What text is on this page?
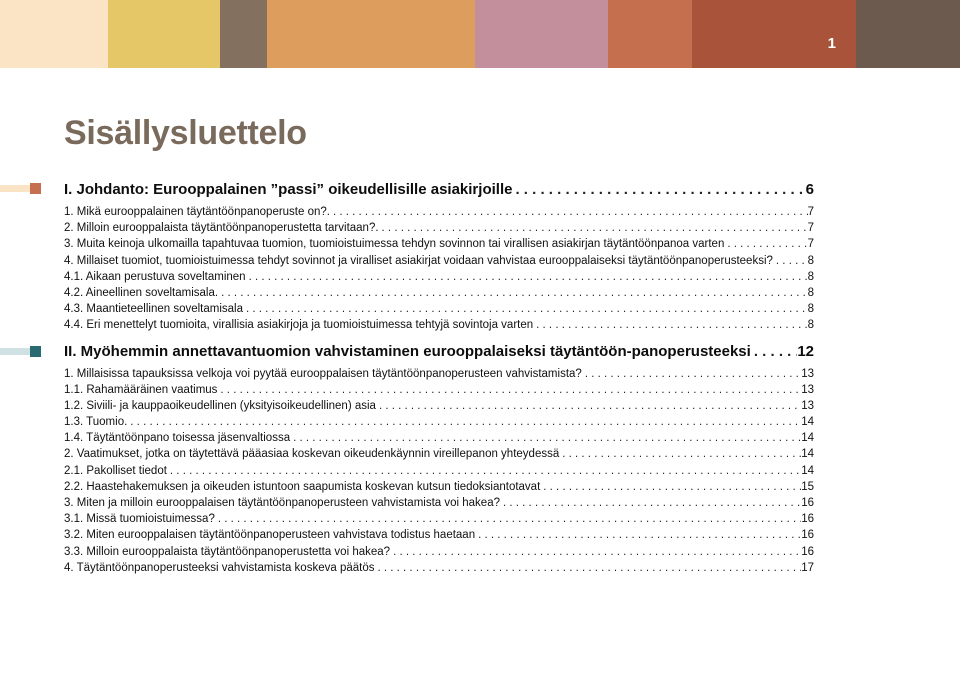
1
Sisällysluettelo
I. Johdanto: Eurooppalainen ”passi” oikeudellisille asiakirjoille . . .	6
1. Mikä eurooppalainen täytäntöönpanoperuste on?. . . .	7
2. Milloin eurooppalaista täytäntöönpanoperustetta tarvitaan?. . . .	7
3. Muita keinoja ulkomailla tapahtuvaa tuomion, tuomioistuimessa tehdyn sovinnon tai virallisen asiakirjan täytäntöönpanoa varten . . .	7
4. Millaiset tuomiot, tuomioistuimessa tehdyt sovinnot ja viralliset asiakirjat voidaan vahvistaa eurooppalaiseksi täytäntöönpanoperusteeksi? . . .	8
4.1. Aikaan perustuva soveltaminen . . .	8
4.2. Aineellinen soveltamisala. . . .	8
4.3. Maantieteellinen soveltamisala . . .	8
4.4. Eri menettelyt tuomioita, virallisia asiakirjoja ja tuomioistuimessa tehtyjä sovintoja varten . . .	8
II. Myöhemmin annettavantuomion vahvistaminen eurooppalaiseksi täytäntöön-panoperusteeksi . . .	12
1. Millaisissa tapauksissa velkoja voi pyytää eurooppalaisen täytäntöönpanoperusteen vahvistamista? . . .	13
1.1. Rahamääräinen vaatimus . . .	13
1.2. Siviili- ja kauppaoikeudellinen (yksityisoikeudellinen) asia . . .	13
1.3. Tuomio. . . .	14
1.4. Täytäntöönpano toisessa jäsenvaltiossa . . .	14
2. Vaatimukset, jotka on täytettävä pääasiaa koskevan oikeudenkäynnin vireillepanon yhteydessä . . .	14
2.1. Pakolliset tiedot . . .	14
2.2. Haastehakemuksen ja oikeuden istuntoon saapumista koskevan kutsun tiedoksiantotavat . . .	15
3. Miten ja milloin eurooppalaisen täytäntöönpanoperusteen vahvistamista voi hakea? . . .	16
3.1. Missä tuomioistuimessa? . . .	16
3.2. Miten eurooppalaisen täytäntöönpanoperusteen vahvistava todistus haetaan . . .	16
3.3. Milloin eurooppalaista täytäntöönpanoperustetta voi hakea? . . .	16
4. Täytäntöönpanoperusteeksi vahvistamista koskeva päätös . . .	17
